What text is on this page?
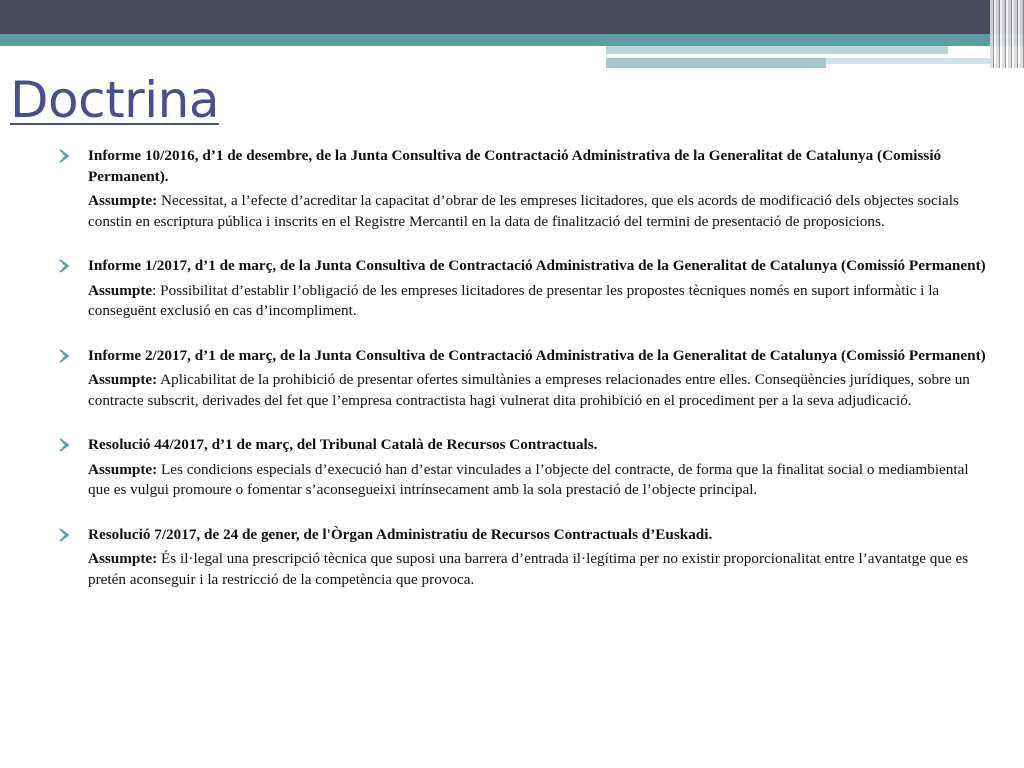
Doctrina

Informe 10/2016, d’1 de desembre, de la Junta Consultiva de Contractació Administrativa de la Generalitat de Catalunya (Comissió Permanent).

Assumpte: Necessitat, a l’efecte d’acreditar la capacitat d’obrar de les empreses licitadores, que els acords de modificació dels objectes socials constin en escriptura pública i inscrits en el Registre Mercantil en la data de finalització del termini de presentació de proposicions.

Informe 1/2017, d’1 de març, de la Junta Consultiva de Contractació Administrativa de la Generalitat de Catalunya (Comissió Permanent)

Assumpte: Possibilitat d’establir l’obligació de les empreses licitadores de presentar les propostes tècniques només en suport informàtic i la conseguënt exclusió en cas d’incompliment.

Informe 2/2017, d’1 de març, de la Junta Consultiva de Contractació Administrativa de la Generalitat de Catalunya (Comissió Permanent)

Assumpte: Aplicabilitat de la prohibició de presentar ofertes simultànies a empreses relacionades entre elles. Conseqüències jurídiques, sobre un contracte subscrit, derivades del fet que l’empresa contractista hagi vulnerat dita prohibició en el procediment per a la seva adjudicació.

Resolució 44/2017, d’1 de març, del Tribunal Català de Recursos Contractuals.

Assumpte: Les condicions especials d’execució han d’estar vinculades a l’objecte del contracte, de forma que la finalitat social o mediambiental que es vulgui promoure o fomentar s’aconsegueixi intrínsecament amb la sola prestació de l’objecte principal.

Resolució 7/2017, de 24 de gener, de l'Òrgan Administratiu de Recursos Contractuals d’Euskadi.

Assumpte: És il·legal una prescripció tècnica que suposi una barrera d’entrada il·legítima per no existir proporcionalitat entre l’avantatge que es pretén aconseguir i la restricció de la competència que provoca.
